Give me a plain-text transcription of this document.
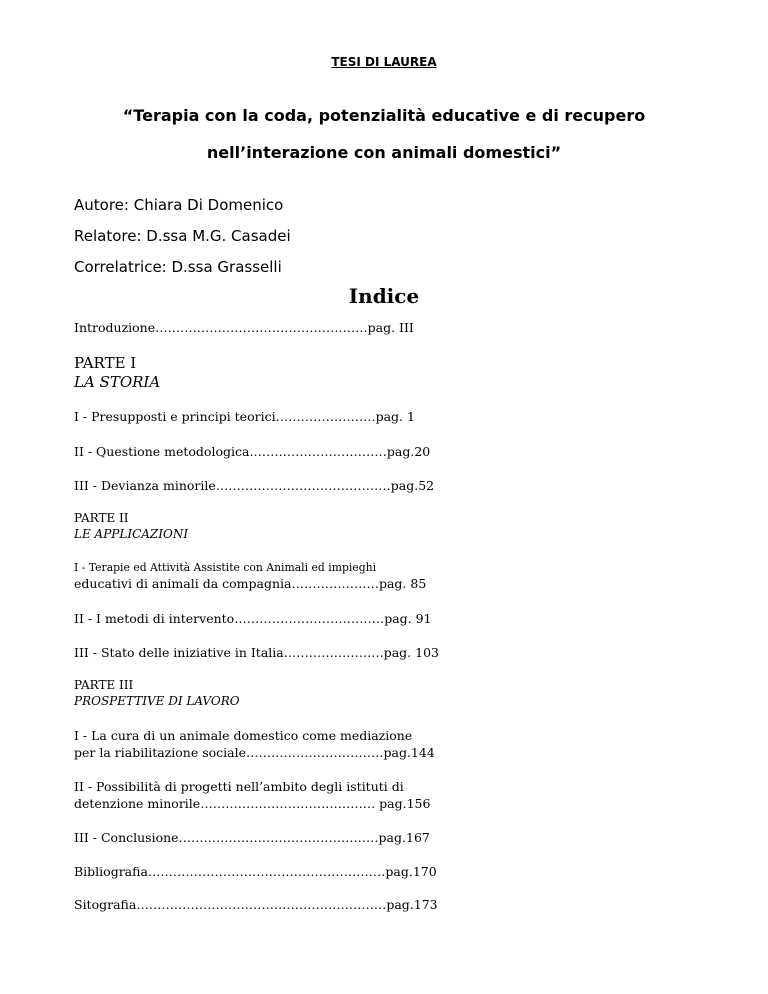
TESI DI LAUREA
“Terapia con la coda, potenzialità educative e di recupero
nell’interazione con animali domestici”
Autore: Chiara Di Domenico
Relatore: D.ssa M.G. Casadei
Correlatrice: D.ssa Grasselli
Indice
Introduzione……………………………………………pag. III
PARTE I
LA STORIA
I - Presupposti e principi teorici……………………pag. 1
II - Questione metodologica……………………………pag.20
III - Devianza minorile……………………………………pag.52
PARTE II
LE APPLICAZIONI
I - Terapie ed Attività Assistite con Animali ed impieghi
educativi di animali da compagnia…………………pag. 85
II - I metodi di intervento………………………………pag. 91
III - Stato delle iniziative in Italia……………………pag. 103
PARTE III
PROSPETTIVE DI LAVORO
I - La cura di un animale domestico come mediazione
per la riabilitazione sociale……………………………pag.144
II - Possibilità di progetti nell’ambito degli istituti di
detenzione minorile…………………………………… pag.156
III - Conclusione…………………………………………pag.167
Bibliografia…………………………………………………pag.170
Sitografia……………………………………………………pag.173
